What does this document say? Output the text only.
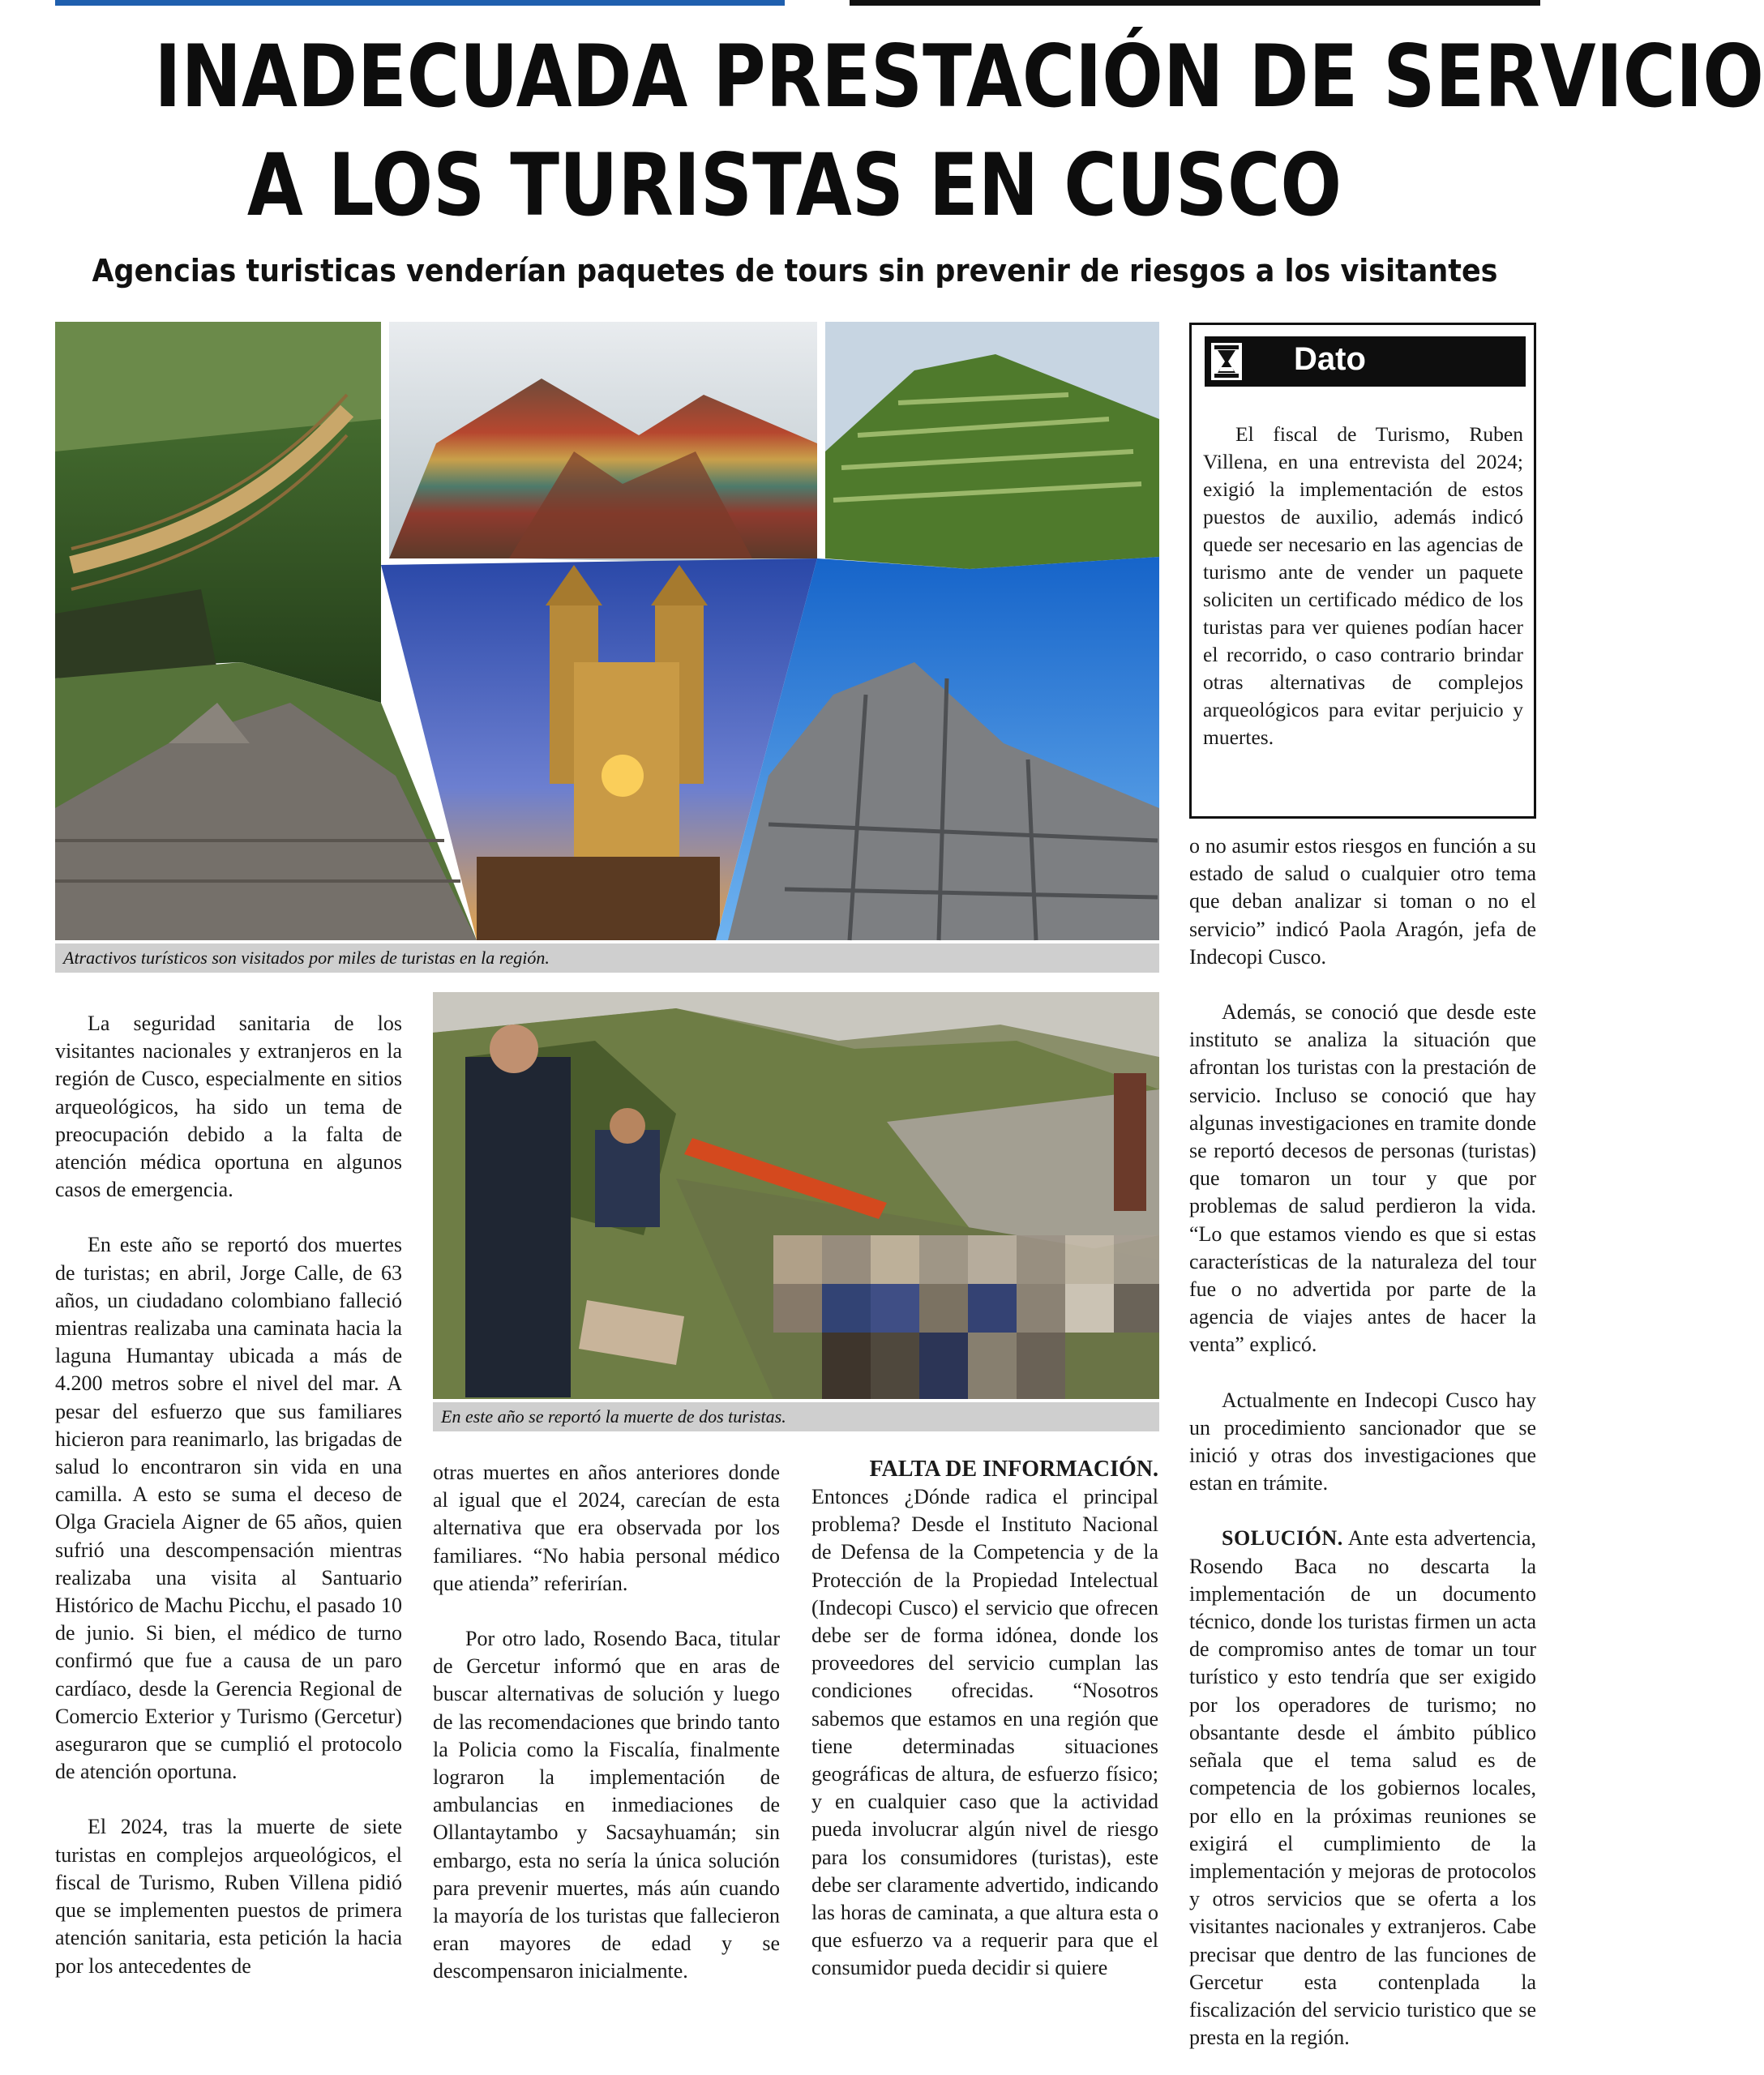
INADECUADA PRESTACIÓN DE SERVICIO
A LOS TURISTAS EN CUSCO
Agencias turisticas venderían paquetes de tours sin prevenir de riesgos a los visitantes
Atractivos turísticos son visitados por miles de turistas en la región.
Dato
El fiscal de Turismo, Ruben Villena, en una entrevista del 2024; exigió la implementación de estos puestos de auxilio, además indicó quede ser necesario en las agencias de turismo ante de vender un paquete soliciten un certificado médico de los turistas para ver quienes podían hacer el recorrido, o caso contrario brindar otras alternativas de complejos arqueológicos para evitar perjuicio y muertes.

La seguridad sanitaria de los visitantes nacionales y extranjeros en la región de Cusco, especialmente en sitios arqueológicos, ha sido un tema de preocupación debido a la falta de atención médica oportuna en algunos casos de emergencia.

En este año se reportó dos muertes de turistas; en abril, Jorge Calle, de 63 años, un ciudadano colombiano falleció mientras realizaba una caminata hacia la laguna Humantay ubicada a más de 4.200 metros sobre el nivel del mar. A pesar del esfuerzo que sus familiares hicieron para reanimarlo, las brigadas de salud lo encontraron sin vida en una camilla. A esto se suma el deceso de Olga Graciela Aigner de 65 años, quien sufrió una descompensación mientras realizaba una visita al Santuario Histórico de Machu Picchu, el pasado 10 de junio. Si bien, el médico de turno confirmó que fue a causa de un paro cardíaco, desde la Gerencia Regional de Comercio Exterior y Turismo (Gercetur) aseguraron que se cumplió el protocolo de atención oportuna.

El 2024, tras la muerte de siete turistas en complejos arqueológicos, el fiscal de Turismo, Ruben Villena pidió que se implementen puestos de primera atención sanitaria, esta petición la hacia por los antecedentes de

En este año se reportó la muerte de dos turistas.

otras muertes en años anteriores donde al igual que el 2024, carecían de esta alternativa que era observada por los familiares. “No habia personal médico que atienda” referirían.

Por otro lado, Rosendo Baca, titular de Gercetur informó que en aras de buscar alternativas de solución y luego de las recomendaciones que brindo tanto la Policia como la Fiscalía, finalmente lograron la implementación de ambulancias en inmediaciones de Ollantaytambo y Sacsayhuamán; sin embargo, esta no sería la única solución para prevenir muertes, más aún cuando la mayoría de los turistas que fallecieron eran mayores de edad y se descompensaron inicialmente.

FALTA DE INFORMACIÓN.

Entonces ¿Dónde radica el principal problema? Desde el Instituto Nacional de Defensa de la Competencia y de la Protección de la Propiedad Intelectual (Indecopi Cusco) el servicio que ofrecen debe ser de forma idónea, donde los proveedores del servicio cumplan las condiciones ofrecidas. “Nosotros sabemos que estamos en una región que tiene determinadas situaciones geográficas de altura, de esfuerzo físico; y en cualquier caso que la actividad pueda involucrar algún nivel de riesgo para los consumidores (turistas), este debe ser claramente advertido, indicando las horas de caminata, a que altura esta o que esfuerzo va a requerir para que el consumidor pueda decidir si quiere

o no asumir estos riesgos en función a su estado de salud o cualquier otro tema que deban analizar si toman o no el servicio” indicó Paola Aragón, jefa de Indecopi Cusco.

Además, se conoció que desde este instituto se analiza la situación que afrontan los turistas con la prestación de servicio. Incluso se conoció que hay algunas investigaciones en tramite donde se reportó decesos de personas (turistas) que tomaron un tour y que por problemas de salud perdieron la vida. “Lo que estamos viendo es que si estas características de la naturaleza del tour fue o no advertida por parte de la agencia de viajes antes de hacer la venta” explicó.

Actualmente en Indecopi Cusco hay un procedimiento sancionador que se inició y otras dos investigaciones que estan en trámite.

SOLUCIÓN. Ante esta advertencia, Rosendo Baca no descarta la implementación de un documento técnico, donde los turistas firmen un acta de compromiso antes de tomar un tour turístico y esto tendría que ser exigido por los operadores de turismo; no obsantante desde el ámbito público señala que el tema salud es de competencia de los gobiernos locales, por ello en la próximas reuniones se exigirá el cumplimiento de la implementación y mejoras de protocolos y otros servicios que se oferta a los visitantes nacionales y extranjeros. Cabe precisar que dentro de las funciones de Gercetur esta contenplada la fiscalización del servicio turistico que se presta en la región.
